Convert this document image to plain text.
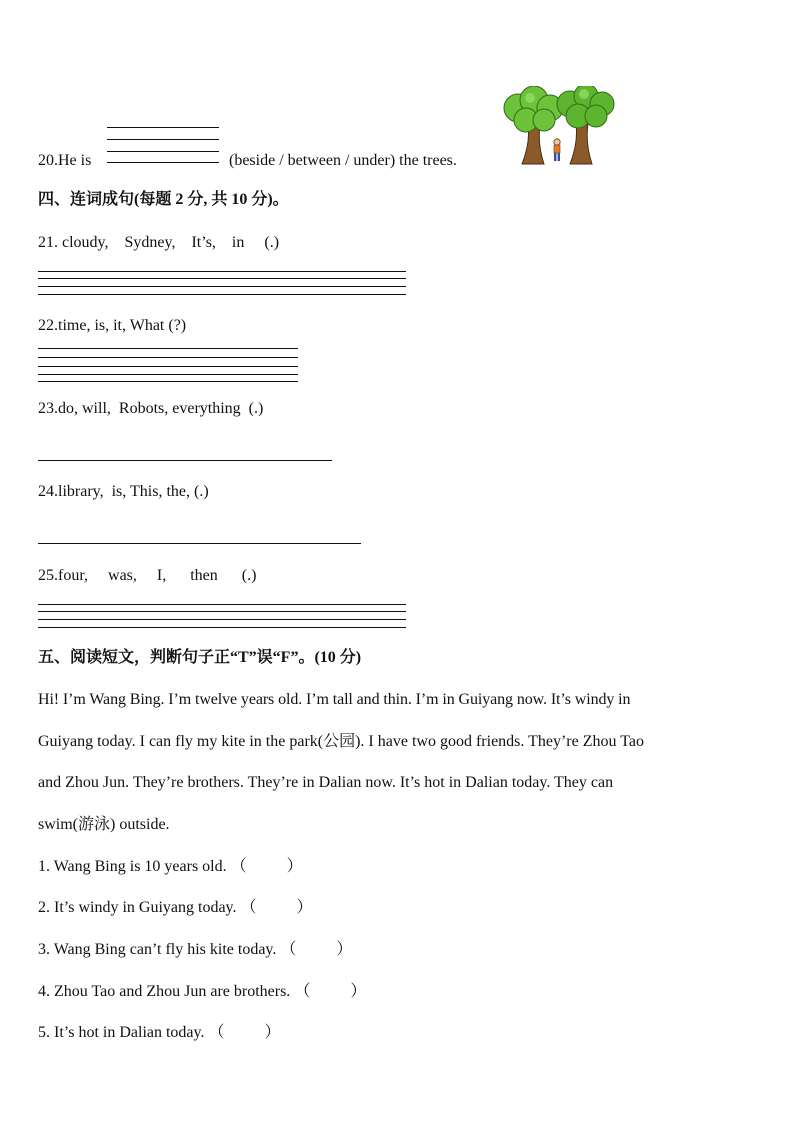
20.He is	(beside / between / under) the trees.
四、连词成句(每题 2 分, 共 10 分)。
21. cloudy,    Sydney,    It’s,    in     (.)
22.time, is, it, What (?)
23.do, will,  Robots, everything  (.)
24.library,  is, This, the, (.)
25.four,     was,     I,      then      (.)
五、阅读短文，判断句子正“T”误“F”。(10 分)
Hi! I’m Wang Bing. I’m twelve years old. I’m tall and thin. I’m in Guiyang now. It’s windy in
Guiyang today. I can fly my kite in the park(公园). I have two good friends. They’re Zhou Tao
and Zhou Jun. They’re brothers. They’re in Dalian now. It’s hot in Dalian today. They can
swim(游泳) outside.
1. Wang Bing is 10 years old. （          ）
2. It’s windy in Guiyang today. （          ）
3. Wang Bing can’t fly his kite today. （          ）
4. Zhou Tao and Zhou Jun are brothers. （          ）
5. It’s hot in Dalian today. （          ）
